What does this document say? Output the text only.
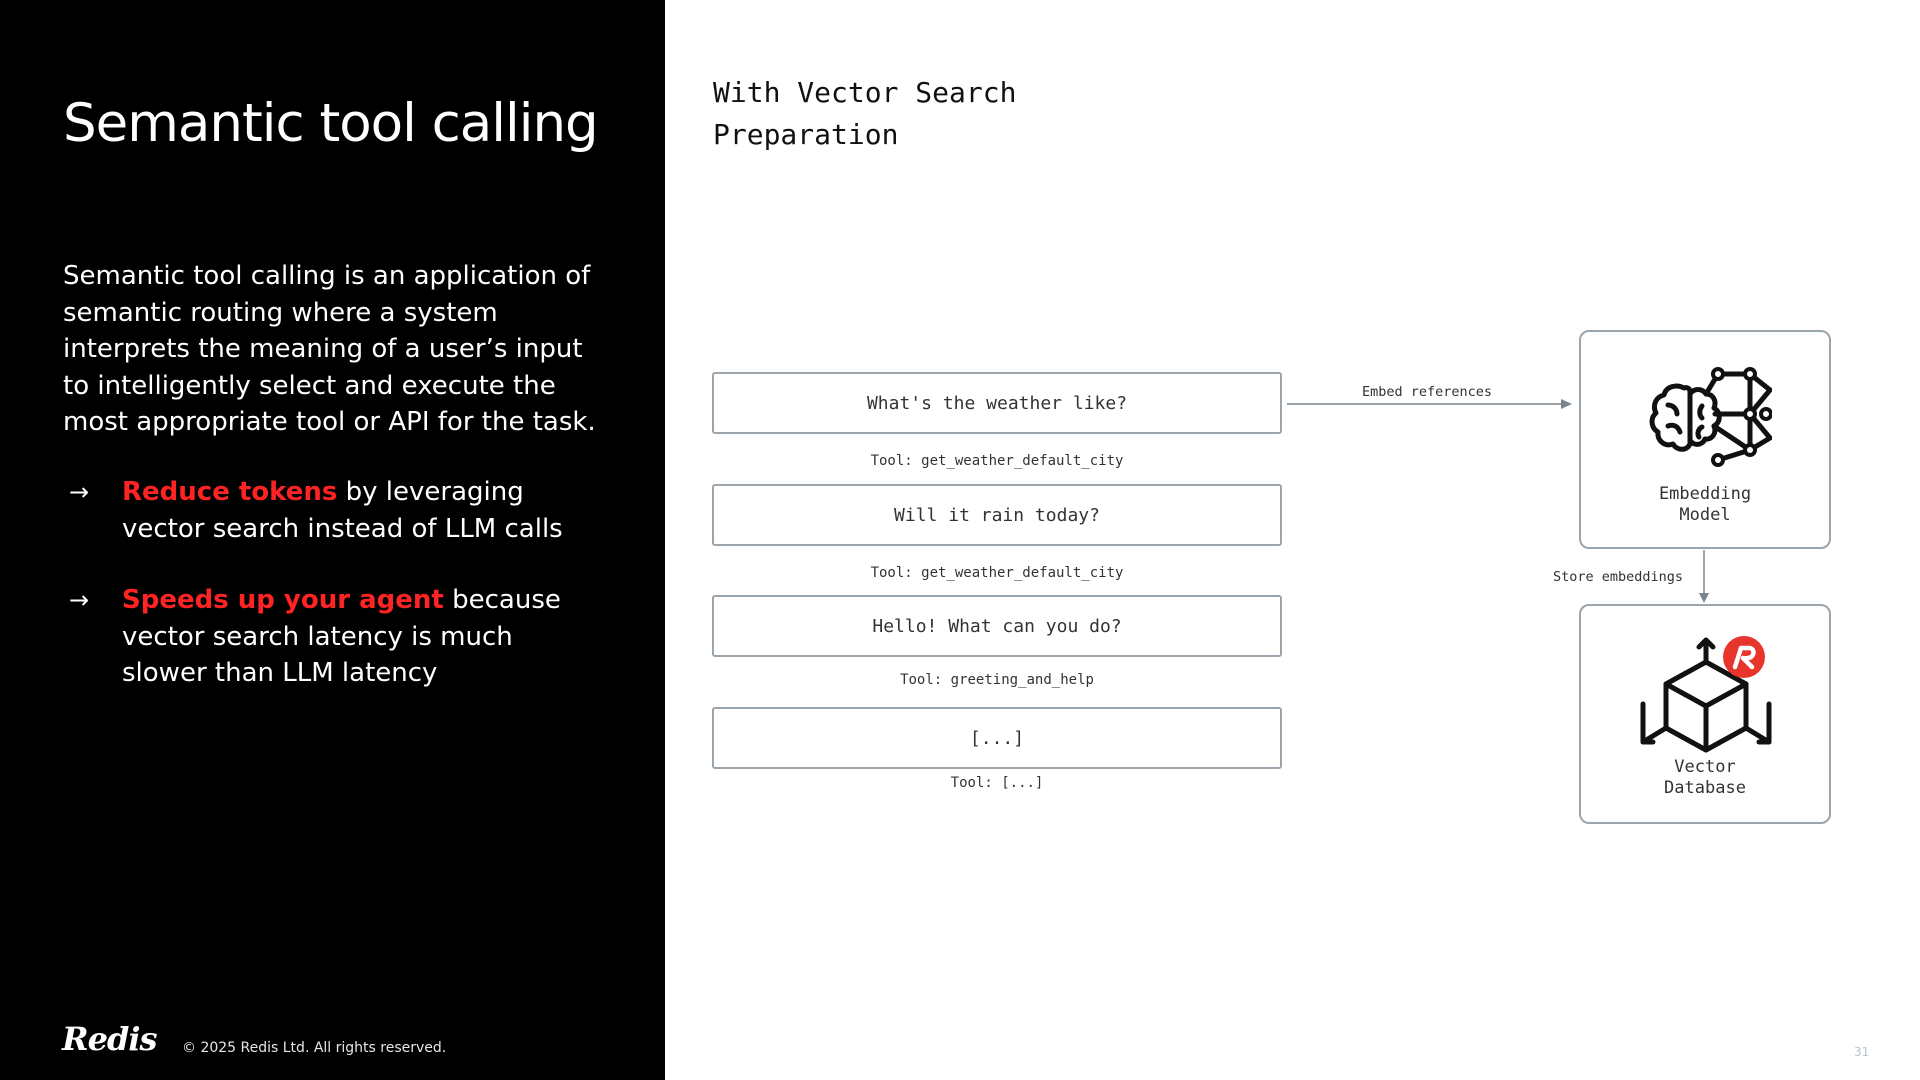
Semantic tool calling

Semantic tool calling is an application of semantic routing where a system interprets the meaning of a user’s input to intelligently select and execute the most appropriate tool or API for the task.

→ Reduce tokens by leveraging vector search instead of LLM calls
→ Speeds up your agent because vector search latency is much slower than LLM latency
Redis © 2025 Redis Ltd. All rights reserved.
With Vector Search
Preparation
What's the weather like?
Tool: get_weather_default_city
Will it rain today?
Tool: get_weather_default_city
Hello! What can you do?
Tool: greeting_and_help
[...]
Tool: [...]
Embed references
Store embeddings
Embedding
Model
Vector
Database
31
